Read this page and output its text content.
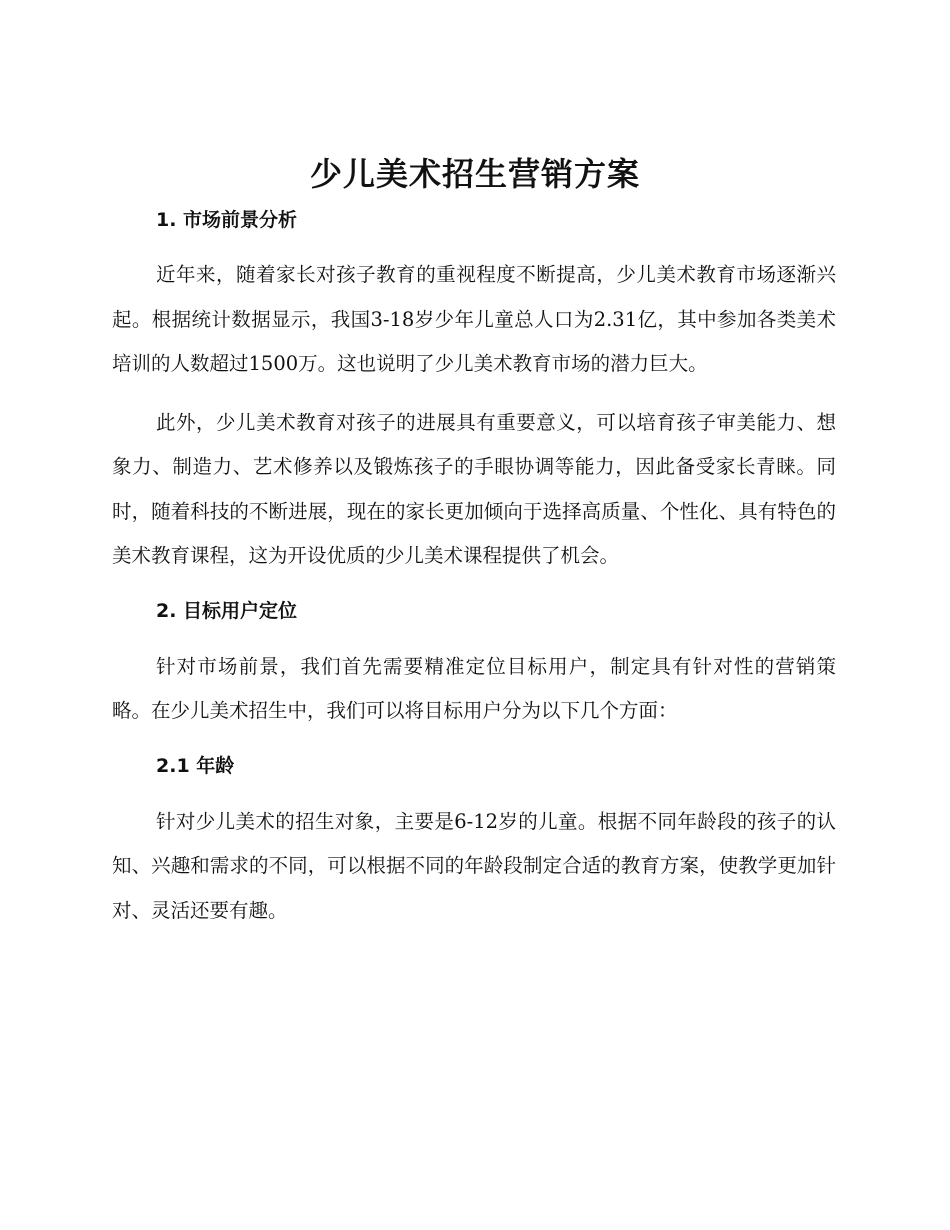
少儿美术招生营销方案
1. 市场前景分析

近年来，随着家长对孩子教育的重视程度不断提高，少儿美术教育市场逐渐兴起。根据统计数据显示，我国3-18岁少年儿童总人口为2.31亿，其中参加各类美术培训的人数超过1500万。这也说明了少儿美术教育市场的潜力巨大。

此外，少儿美术教育对孩子的进展具有重要意义，可以培育孩子审美能力、想象力、制造力、艺术修养以及锻炼孩子的手眼协调等能力，因此备受家长青睐。同时，随着科技的不断进展，现在的家长更加倾向于选择高质量、个性化、具有特色的美术教育课程，这为开设优质的少儿美术课程提供了机会。

2. 目标用户定位

针对市场前景，我们首先需要精准定位目标用户，制定具有针对性的营销策略。在少儿美术招生中，我们可以将目标用户分为以下几个方面：

2.1 年龄

针对少儿美术的招生对象，主要是6-12岁的儿童。根据不同年龄段的孩子的认知、兴趣和需求的不同，可以根据不同的年龄段制定合适的教育方案，使教学更加针对、灵活还要有趣。
